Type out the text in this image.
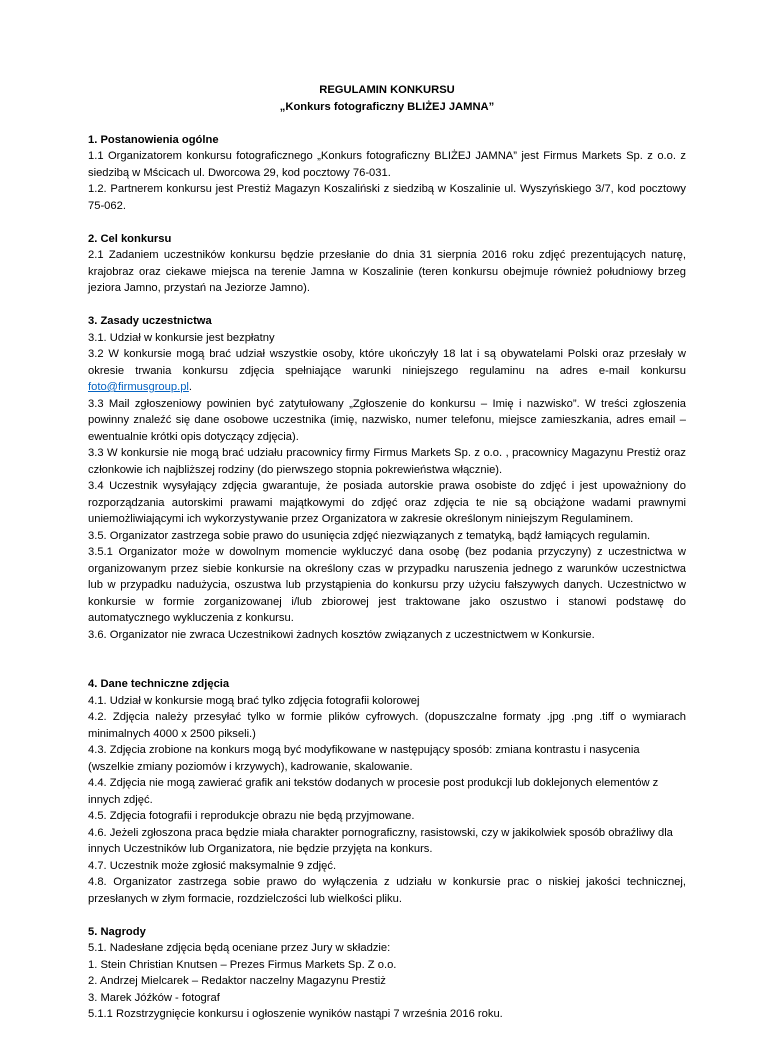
REGULAMIN KONKURSU
„Konkurs fotograficzny BLIŻEJ JAMNA”
1. Postanowienia ogólne

1.1 Organizatorem konkursu fotograficznego „Konkurs fotograficzny BLIŻEJ JAMNA” jest Firmus Markets Sp. z o.o. z siedzibą w Mścicach ul. Dworcowa 29, kod pocztowy 76-031.

1.2. Partnerem konkursu jest Prestiż Magazyn Koszaliński z siedzibą w Koszalinie ul. Wyszyńskiego 3/7, kod pocztowy 75-062.

2. Cel konkursu

2.1 Zadaniem uczestników konkursu będzie przesłanie do dnia 31 sierpnia 2016 roku zdjęć prezentujących naturę, krajobraz oraz ciekawe miejsca na terenie Jamna w Koszalinie (teren konkursu obejmuje również południowy brzeg jeziora Jamno, przystań na Jeziorze Jamno).

3. Zasady uczestnictwa

3.1. Udział w konkursie jest bezpłatny

3.2 W konkursie mogą brać udział wszystkie osoby, które ukończyły 18 lat i są obywatelami Polski oraz przesłały w okresie trwania konkursu zdjęcia spełniające warunki niniejszego regulaminu na adres e-mail konkursu foto@firmusgroup.pl.

3.3 Mail zgłoszeniowy powinien być zatytułowany „Zgłoszenie do konkursu – Imię i nazwisko”. W treści zgłoszenia powinny znaleźć się dane osobowe uczestnika (imię, nazwisko, numer telefonu, miejsce zamieszkania, adres email – ewentualnie krótki opis dotyczący zdjęcia).

3.3 W konkursie nie mogą brać udziału pracownicy firmy Firmus Markets Sp. z o.o. , pracownicy Magazynu Prestiż oraz członkowie ich najbliższej rodziny (do pierwszego stopnia pokrewieństwa włącznie).

3.4 Uczestnik wysyłający zdjęcia gwarantuje, że posiada autorskie prawa osobiste do zdjęć i jest upoważniony do rozporządzania autorskimi prawami majątkowymi do zdjęć oraz zdjęcia te nie są obciążone wadami prawnymi uniemożliwiającymi ich wykorzystywanie przez Organizatora w zakresie określonym niniejszym Regulaminem.

3.5. Organizator zastrzega sobie prawo do usunięcia zdjęć niezwiązanych z tematyką, bądź łamiących regulamin.

3.5.1 Organizator może w dowolnym momencie wykluczyć dana osobę (bez podania przyczyny) z uczestnictwa w organizowanym przez siebie konkursie na określony czas w przypadku naruszenia jednego z warunków uczestnictwa lub w przypadku nadużycia, oszustwa lub przystąpienia do konkursu przy użyciu fałszywych danych. Uczestnictwo w konkursie w formie zorganizowanej i/lub zbiorowej jest traktowane jako oszustwo i stanowi podstawę do automatycznego wykluczenia z konkursu.

3.6. Organizator nie zwraca Uczestnikowi żadnych kosztów związanych z uczestnictwem w Konkursie.

4. Dane techniczne zdjęcia

4.1. Udział w konkursie mogą brać tylko zdjęcia fotografii kolorowej

4.2. Zdjęcia należy przesyłać tylko w formie plików cyfrowych. (dopuszczalne formaty .jpg .png .tiff o wymiarach minimalnych 4000 x 2500 pikseli.)

4.3. Zdjęcia zrobione na konkurs mogą być modyfikowane w następujący sposób: zmiana kontrastu i nasycenia (wszelkie zmiany poziomów i krzywych), kadrowanie, skalowanie.

4.4. Zdjęcia nie mogą zawierać grafik ani tekstów dodanych w procesie post produkcji lub doklejonych elementów z innych zdjęć.

4.5. Zdjęcia fotografii i reprodukcje obrazu nie będą przyjmowane.

4.6. Jeżeli zgłoszona praca będzie miała charakter pornograficzny, rasistowski, czy w jakikolwiek sposób obraźliwy dla innych Uczestników lub Organizatora, nie będzie przyjęta na konkurs.

4.7. Uczestnik może zgłosić maksymalnie 9 zdjęć.

4.8. Organizator zastrzega sobie prawo do wyłączenia z udziału w konkursie prac o niskiej jakości technicznej, przesłanych w złym formacie, rozdzielczości lub wielkości pliku.

5. Nagrody

5.1. Nadesłane zdjęcia będą oceniane przez Jury w składzie:

1. Stein Christian Knutsen – Prezes Firmus Markets Sp. Z o.o.

2. Andrzej Mielcarek – Redaktor naczelny Magazynu Prestiż

3. Marek Jóźków - fotograf

5.1.1 Rozstrzygnięcie konkursu i ogłoszenie wyników nastąpi 7 września 2016 roku.
